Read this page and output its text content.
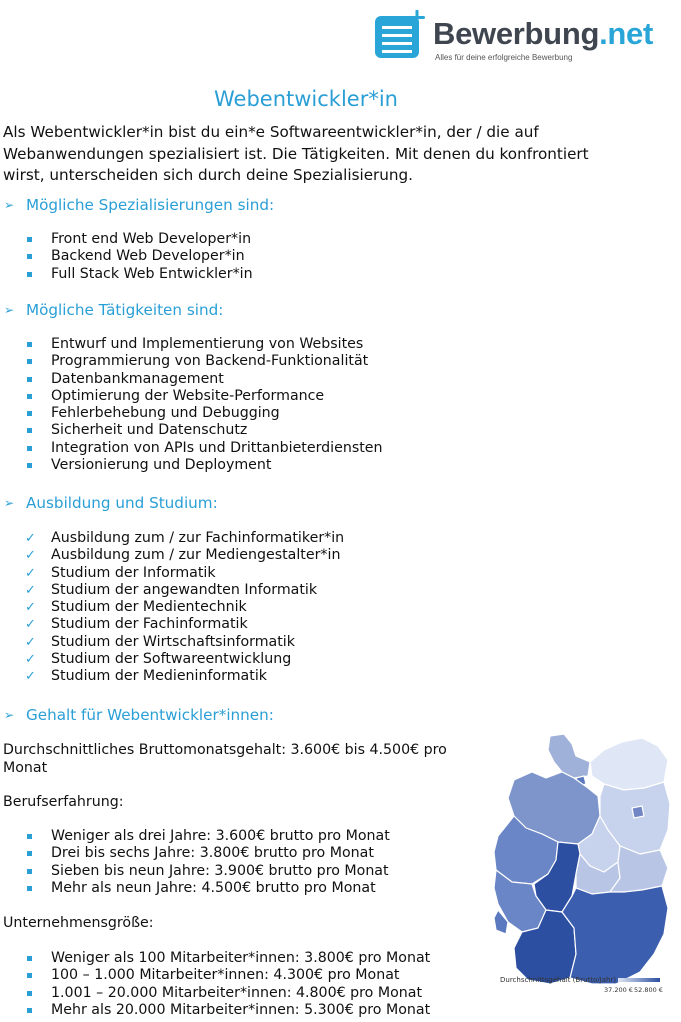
Bewerbung.net
Alles für deine erfolgreiche Bewerbung
Webentwickler*in

Als Webentwickler*in bist du ein*e Softwareentwickler*in, der / die auf Webanwendungen spezialisiert ist. Die Tätigkeiten. Mit denen du konfrontiert wirst, unterscheiden sich durch deine Spezialisierung.

➢ Mögliche Spezialisierungen sind:
Front end Web Developer*in
Backend Web Developer*in
Full Stack Web Entwickler*in
➢ Mögliche Tätigkeiten sind:
Entwurf und Implementierung von Websites
Programmierung von Backend-Funktionalität
Datenbankmanagement
Optimierung der Website-Performance
Fehlerbehebung und Debugging
Sicherheit und Datenschutz
Integration von APIs und Drittanbieterdiensten
Versionierung und Deployment
➢ Ausbildung und Studium:
✓ Ausbildung zum / zur Fachinformatiker*in
✓ Ausbildung zum / zur Mediengestalter*in
✓ Studium der Informatik
✓ Studium der angewandten Informatik
✓ Studium der Medientechnik
✓ Studium der Fachinformatik
✓ Studium der Wirtschaftsinformatik
✓ Studium der Softwareentwicklung
✓ Studium der Medieninformatik
➢ Gehalt für Webentwickler*innen:

Durchschnittliches Bruttomonatsgehalt: 3.600€ bis 4.500€ pro Monat

Berufserfahrung:

Weniger als drei Jahre: 3.600€ brutto pro Monat
Drei bis sechs Jahre: 3.800€ brutto pro Monat
Sieben bis neun Jahre: 3.900€ brutto pro Monat
Mehr als neun Jahre: 4.500€ brutto pro Monat

Unternehmensgröße:

Weniger als 100 Mitarbeiter*innen: 3.800€ pro Monat
100 – 1.000 Mitarbeiter*innen: 4.300€ pro Monat
1.001 – 20.000 Mitarbeiter*innen: 4.800€ pro Monat
Mehr als 20.000 Mitarbeiter*innen: 5.300€ pro Monat
Durchschnittsgehalt (Brutto/Jahr)
37.200 € 52.800 €
